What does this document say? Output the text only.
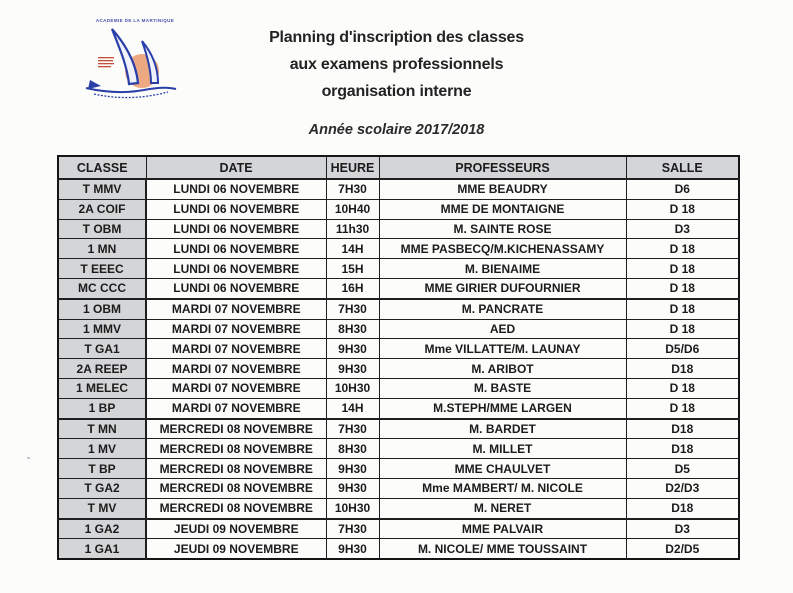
ACADEMIE DE LA MARTINIQUE
Planning d'inscription des classes
aux examens professionnels
organisation interne
Année scolaire 2017/2018
CLASSE	DATE	HEURE	PROFESSEURS	SALLE
T MMV	LUNDI 06 NOVEMBRE	7H30	MME BEAUDRY	D6
2A COIF	LUNDI 06 NOVEMBRE	10H40	MME DE MONTAIGNE	D 18
T OBM	LUNDI 06 NOVEMBRE	11h30	M. SAINTE ROSE	D3
1 MN	LUNDI 06 NOVEMBRE	14H	MME PASBECQ/M.KICHENASSAMY	D 18
T EEEC	LUNDI 06 NOVEMBRE	15H	M. BIENAIME	D 18
MC CCC	LUNDI 06 NOVEMBRE	16H	MME GIRIER DUFOURNIER	D 18
1 OBM	MARDI 07 NOVEMBRE	7H30	M. PANCRATE	D 18
1 MMV	MARDI 07 NOVEMBRE	8H30	AED	D 18
T GA1	MARDI 07 NOVEMBRE	9H30	Mme VILLATTE/M. LAUNAY	D5/D6
2A REEP	MARDI 07 NOVEMBRE	9H30	M. ARIBOT	D18
1 MELEC	MARDI 07 NOVEMBRE	10H30	M. BASTE	D 18
1 BP	MARDI 07 NOVEMBRE	14H	M.STEPH/MME LARGEN	D 18
T MN	MERCREDI 08 NOVEMBRE	7H30	M. BARDET	D18
1 MV	MERCREDI 08 NOVEMBRE	8H30	M. MILLET	D18
T BP	MERCREDI 08 NOVEMBRE	9H30	MME CHAULVET	D5
T GA2	MERCREDI 08 NOVEMBRE	9H30	Mme MAMBERT/ M. NICOLE	D2/D3
T MV	MERCREDI 08 NOVEMBRE	10H30	M. NERET	D18
1 GA2	JEUDI 09 NOVEMBRE	7H30	MME PALVAIR	D3
1 GA1	JEUDI 09 NOVEMBRE	9H30	M. NICOLE/ MME TOUSSAINT	D2/D5
